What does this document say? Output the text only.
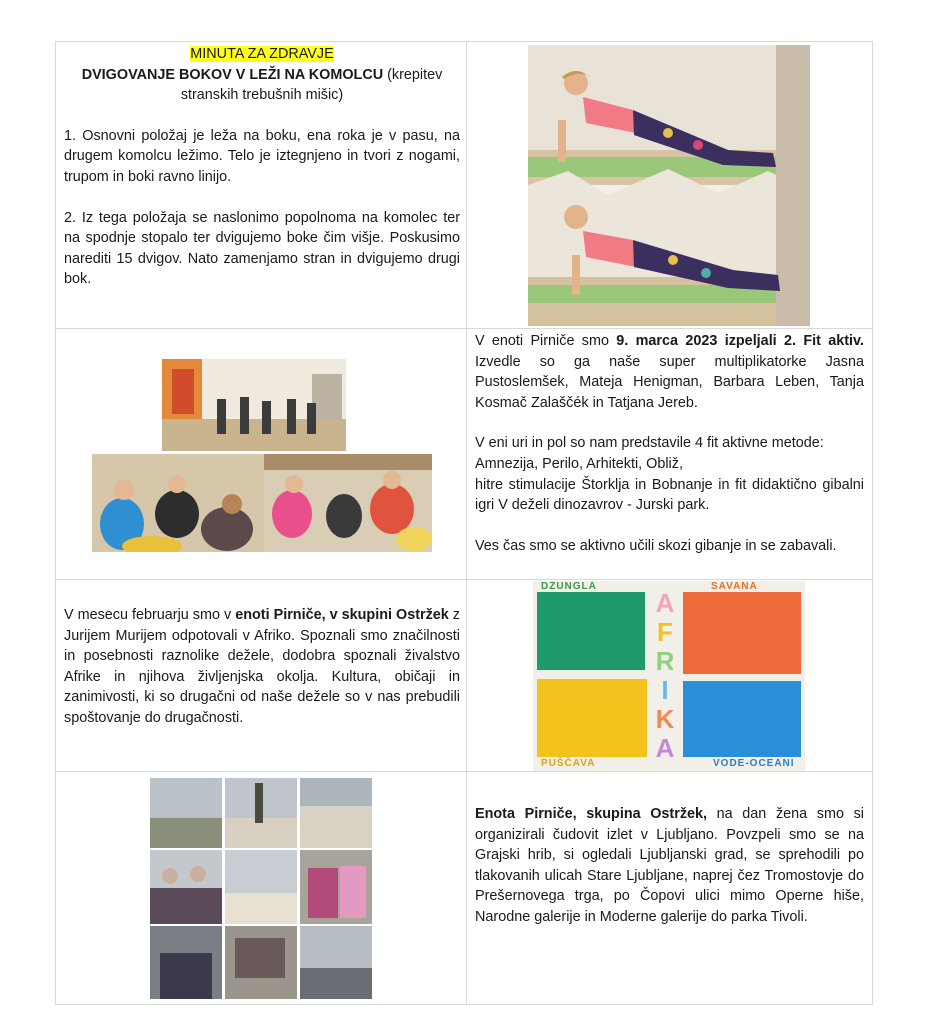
MINUTA ZA ZDRAVJE
DVIGOVANJE BOKOV V LEŽI NA KOMOLCU (krepitev stranskih trebušnih mišic)

1. Osnovni položaj je leža na boku, ena roka je v pasu, na drugem komolcu ležimo. Telo je iztegnjeno in tvori z nogami, trupom in boki ravno linijo.

2. Iz tega položaja se naslonimo popolnoma na komolec ter na spodnje stopalo ter dvigujemo boke čim višje. Poskusimo narediti 15 dvigov. Nato zamenjamo stran in dvigujemo drugi bok.

V enoti Pirniče smo 9. marca 2023 izpeljali 2. Fit aktiv. Izvedle so ga naše super multiplikatorke Jasna Pustoslemšek, Mateja Henigman, Barbara Leben, Tanja Kosmač Zalaščék in Tatjana Jereb.

V eni uri in pol so nam predstavile 4 fit aktivne metode:

Amnezija, Perilo, Arhitekti, Obliž,

hitre stimulacije Štorklja in Bobnanje in fit didaktično gibalni igri V deželi dinozavrov - Jurski park.

Ves čas smo se aktivno učili skozi gibanje in se zabavali.

V mesecu februarju smo v enoti Pirniče, v skupini Ostržek z Jurijem Murijem odpotovali v Afriko. Spoznali smo značilnosti in posebnosti raznolike dežele, dodobra spoznali živalstvo Afrike in njihova življenjska okolja. Kultura, običaji in zanimivosti, ki so drugačni od naše dežele so v nas prebudili spoštovanje do drugačnosti.

DŽUNGLA	SAVANA
PUŠČAVA	VODE-OCEANI
A
F
R
I
K
A

Enota Pirniče, skupina Ostržek, na dan žena smo si organizirali čudovit izlet v Ljubljano. Povzpeli smo se na Grajski hrib, si ogledali Ljubljanski grad, se sprehodili po tlakovanih ulicah Stare Ljubljane, naprej čez Tromostovje do Prešernovega trga, po Čopovi ulici mimo Operne hiše, Narodne galerije in Moderne galerije do parka Tivoli.
